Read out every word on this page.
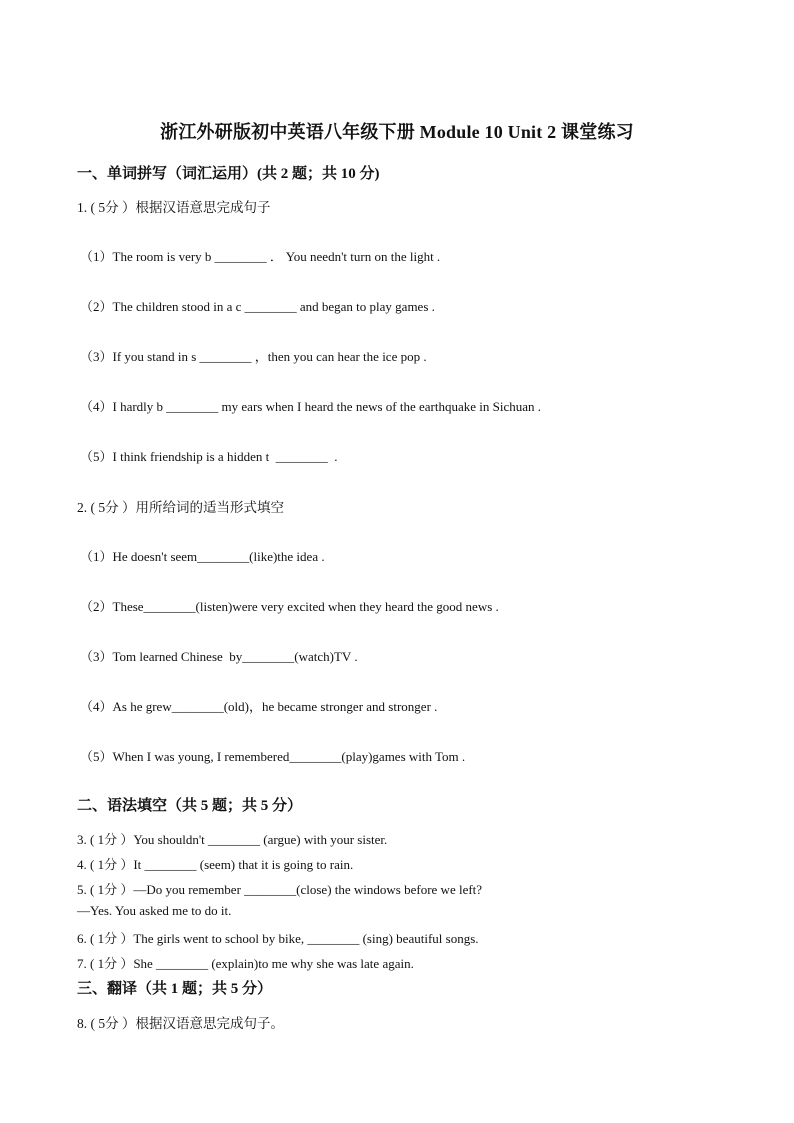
浙江外研版初中英语八年级下册 Module 10 Unit 2 课堂练习
一、单词拼写（词汇运用）(共 2 题；共 10 分)
1. ( 5分 ）根据汉语意思完成句子
（1）The room is very b ________ ． You needn't turn on the light .
（2）The children stood in a c ________ and began to play games .
（3）If you stand in s ________ ，then you can hear the ice pop .
（4）I hardly b ________ my ears when I heard the news of the earthquake in Sichuan .
（5）I think friendship is a hidden t  ________  .
2. ( 5分 ）用所给词的适当形式填空
（1）He doesn't seem________(like)the idea .
（2）These________(listen)were very excited when they heard the good news .
（3）Tom learned Chinese  by________(watch)TV .
（4）As he grew________(old)，he became stronger and stronger .
（5）When I was young, I remembered________(play)games with Tom .
二、语法填空（共 5 题；共 5 分）
3. ( 1分 ）You shouldn't ________ (argue) with your sister.
4. ( 1分 ）It ________ (seem) that it is going to rain.
5. ( 1分 ）—Do you remember ________(close) the windows before we left?
—Yes. You asked me to do it.
6. ( 1分 ）The girls went to school by bike, ________ (sing) beautiful songs.
7. ( 1分 ）She ________ (explain)to me why she was late again.
三、翻译（共 1 题；共 5 分）
8. ( 5分 ）根据汉语意思完成句子。
